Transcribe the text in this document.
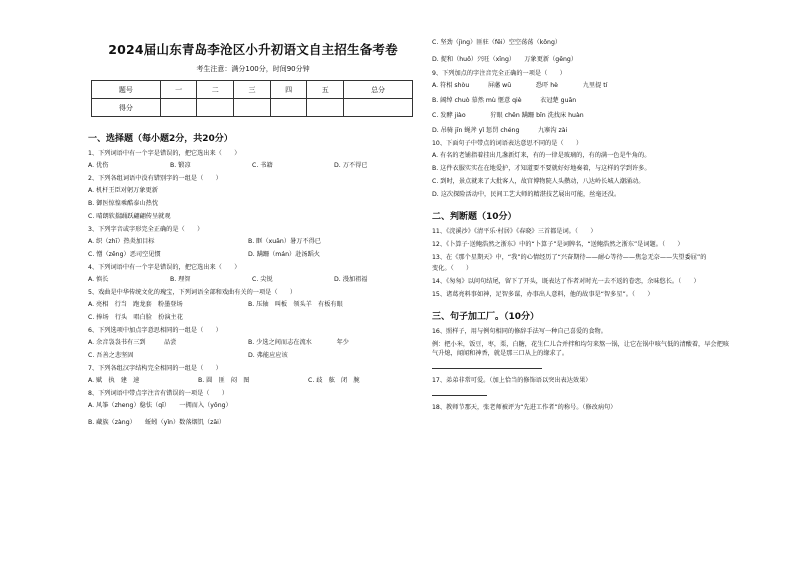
2024届山东青岛李沧区小升初语文自主招生备考卷
考生注意：满分100分，时间90分钟
题号	一	二	三	四	五	总分
得分						
一、选择题（每小题2分，共20分）
1、下列词语中有一个字是错误的，把它选出来（　　）
A. 优伤	B. 锻凉	C. 书籍	D. 万不得已
2、下列各组词语中没有错别字的一组是（　　）
A. 机杆王臣对躬万象更新
B. 御医惊惶乘酷泰山热忱
C. 晴朗软揣踊跃翩翩传呈就观
3、下列字音或字形完全正确的是（　　）
A. 织（zhī）热炎加目标	B. 眶（xuān）暑万不得已
C. 憎（zēng）恶司空见惯	D. 蹒跚（mán）赴汤蹈火
4、下列词语中有一个字是错误的，把它选出来（　　）
A. 慎长	B. 理智	C. 尖锐	D. 漫加祖福
5、戏曲是中华传统文化的瑰宝，下列词语全部和戏曲有关的一项是（　　）
A. 亮相　行当　跑龙套　粉墨登场	B. 压轴　叫板　领头羊　有板有眼
C. 捧场　行头　唱白脸　扮演主花
6、下列选项中加点字意思相同的一组是（　　）
A. 余音袅袅书有三到　　　品尝	B. 少选之间而志在流水　　　　年少
C. 吾善之悲坚固	D. 弗能应应该
7、下列各组汉字结构完全相同的一组是（　　）
A. 赋　执　建　速	B. 圆　匪　闷　图	C. 歧　舷　闭　腕
8、下列词语中带点字注音有错误的一项是（　　）
A. 风筝（zheng）稳怯（qī）　　一拥而入（yōng）
B. 藏族（zàng）　　蚯蚓（yǐn）数落烟饥（zāi）
C. 坚劲（jìng）匪驻（fěi）空空荡荡（kōng）
D. 捉和（huō）兴旺（xīng）　　万象更新（gēng）
9、下列加点的字注音完全正确的一项是（　　）
A. 符相 shòu　　　屏藩 wū　　　　恐吓 hè　　　　九里提 tí
B. 阔绰 chuò 慕然 mù 惬意 qiè　　　衣冠楚 guān
C. 发酵 jiào　　　　狞眼 chēn 蹒跚 bīn 洗找床 huàn
D. 吊骑 jīn 蝇斧 yǐ 惩罚 chéng　　　九寨沟 zài
10、下面句子中带点的词语表达意思不同的是（　　）
A. 有名的老铺指着挂出几盏新灯来，有的一律是玻璃的，有的满一色是牛角的。
B. 这件衣服实实在在地爱护，才知道要不要就好好地奏着，与这样的学到许多。
C. 到时，景点就来了大批客人，故宫博物院人头攒动，八达岭长城人潮涌动。
D. 这次探险活动中，民间工艺大师的精湛技艺展出可能，丝毫还没。
二、判断题（10分）
11、《浣溪沙》《清平乐·村居》《春晓》三首都是词。（　　）
12、《卜算子·送鲍浩然之浙东》中的“卜算子”是词牌名，“送鲍浩然之浙东”是词题。（　　）
13、在《那个星期天》中，“我”的心情经历了“兴奋期待——耐心等待——焦急无奈——失望委屈”的
变化。（　　）
14、《匆匆》以问句结尾，留下了开头，既表达了作者对时光一去不返的眷恋，余味悠长。（　　）
15、诸葛亮料事如神，足智多谋，办事出人意料，他的故事是“智多星”。（　　）
三、句子加工厂。（10分）
16、照样子，用与例句相同的修辞手法写一种自己喜爱的食物。
例：把小米，饭豆，枣，栗，白糖，花生仁儿合并拌和均匀来熬一锅，让它在锅中咳气低的清酸着，早会把咳气升熄，闻闻和神香，就是那三口从上的缘求了。
17、弟弟非常可爱。（加上恰当的修饰语以突出表达效果）
18、教师节那天，张老师被评为“先进工作者”的称号。（修改病句）
